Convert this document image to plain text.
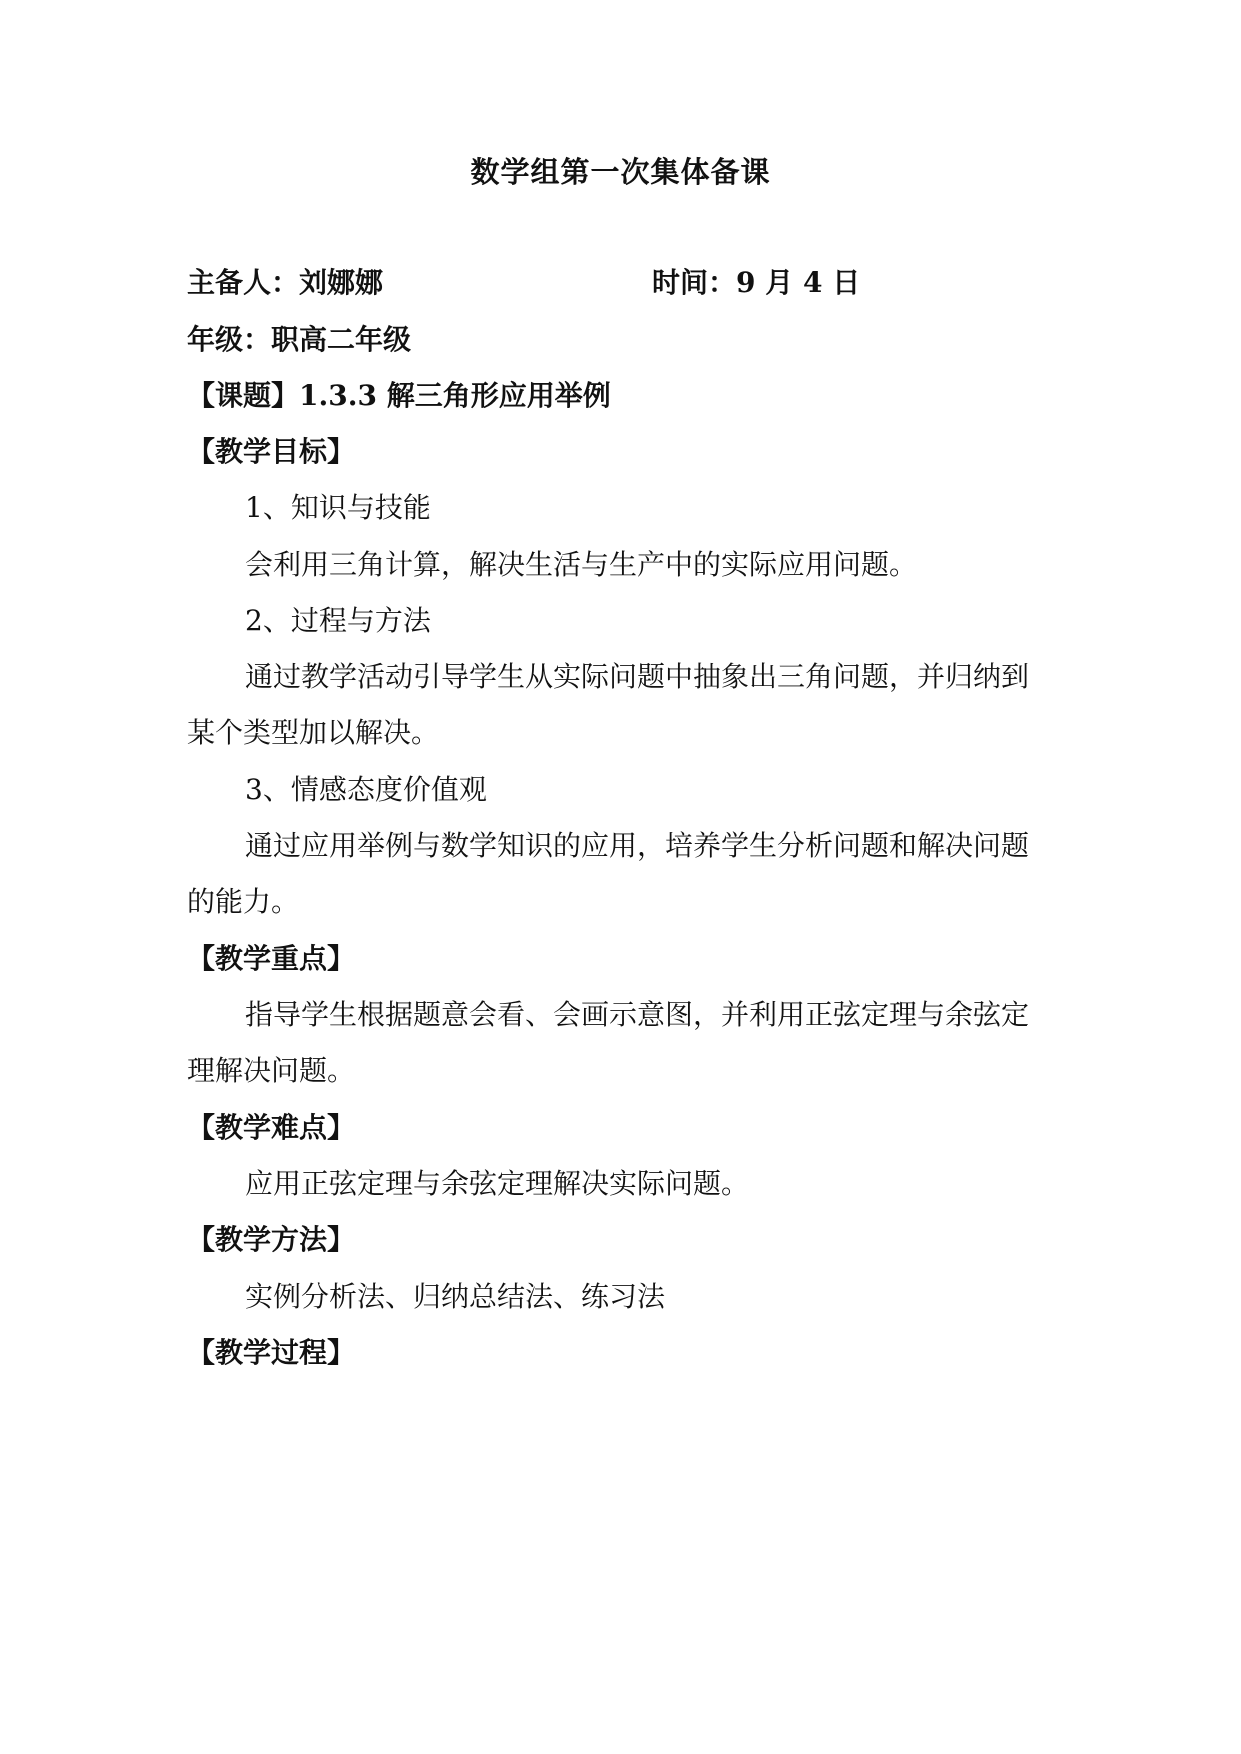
数学组第一次集体备课
主备人：刘娜娜	时间：9 月 4 日
年级：职高二年级
【课题】1.3.3 解三角形应用举例
【教学目标】
1、知识与技能
会利用三角计算，解决生活与生产中的实际应用问题。
2、过程与方法
通过教学活动引导学生从实际问题中抽象出三角问题，并归纳到
某个类型加以解决。
3、情感态度价值观
通过应用举例与数学知识的应用，培养学生分析问题和解决问题
的能力。
【教学重点】
指导学生根据题意会看、会画示意图，并利用正弦定理与余弦定
理解决问题。
【教学难点】
应用正弦定理与余弦定理解决实际问题。
【教学方法】
实例分析法、归纳总结法、练习法
【教学过程】
